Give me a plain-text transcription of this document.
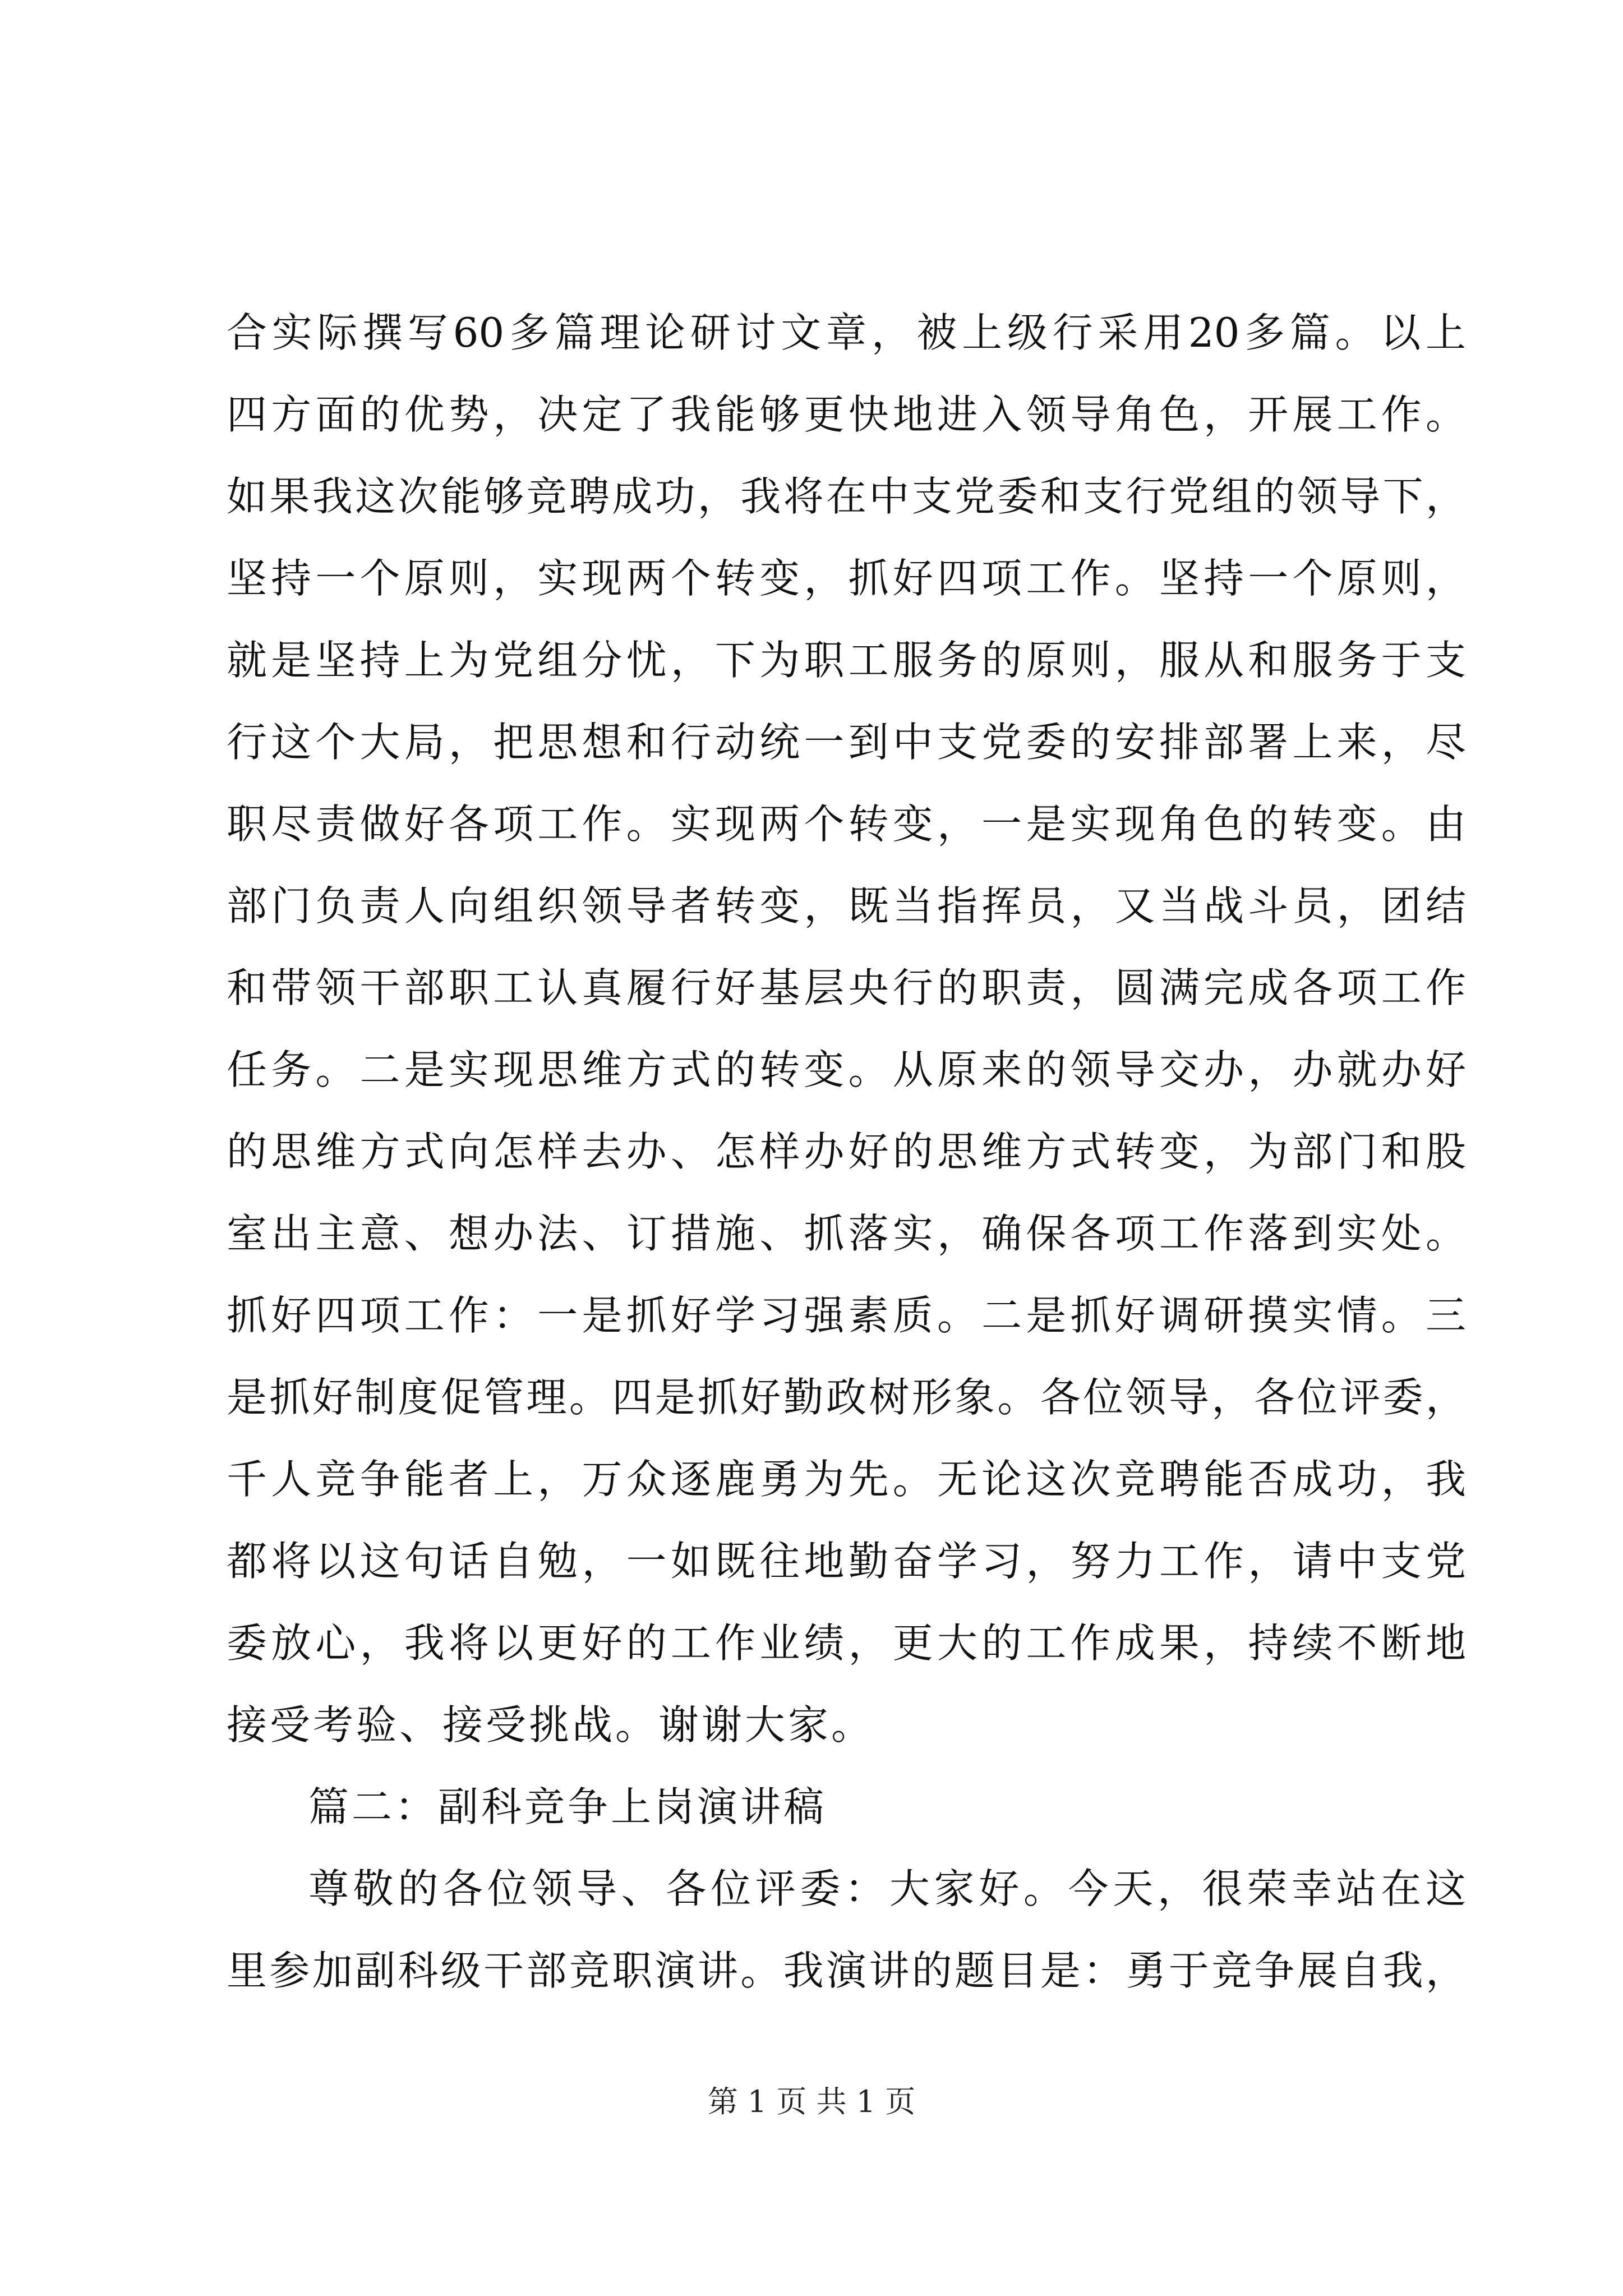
合实际撰写60多篇理论研讨文章，被上级行采用20多篇。以上
四方面的优势，决定了我能够更快地进入领导角色，开展工作。
如果我这次能够竞聘成功，我将在中支党委和支行党组的领导下，
坚持一个原则，实现两个转变，抓好四项工作。坚持一个原则，
就是坚持上为党组分忧，下为职工服务的原则，服从和服务于支
行这个大局，把思想和行动统一到中支党委的安排部署上来，尽
职尽责做好各项工作。实现两个转变，一是实现角色的转变。由
部门负责人向组织领导者转变，既当指挥员，又当战斗员，团结
和带领干部职工认真履行好基层央行的职责，圆满完成各项工作
任务。二是实现思维方式的转变。从原来的领导交办，办就办好
的思维方式向怎样去办、怎样办好的思维方式转变，为部门和股
室出主意、想办法、订措施、抓落实，确保各项工作落到实处。
抓好四项工作：一是抓好学习强素质。二是抓好调研摸实情。三
是抓好制度促管理。四是抓好勤政树形象。各位领导，各位评委，
千人竞争能者上，万众逐鹿勇为先。无论这次竞聘能否成功，我
都将以这句话自勉，一如既往地勤奋学习，努力工作，请中支党
委放心，我将以更好的工作业绩，更大的工作成果，持续不断地
接受考验、接受挑战。谢谢大家。
篇二：副科竞争上岗演讲稿
尊敬的各位领导、各位评委：大家好。今天，很荣幸站在这
里参加副科级干部竞职演讲。我演讲的题目是：勇于竞争展自我，
第 1 页 共 1 页
